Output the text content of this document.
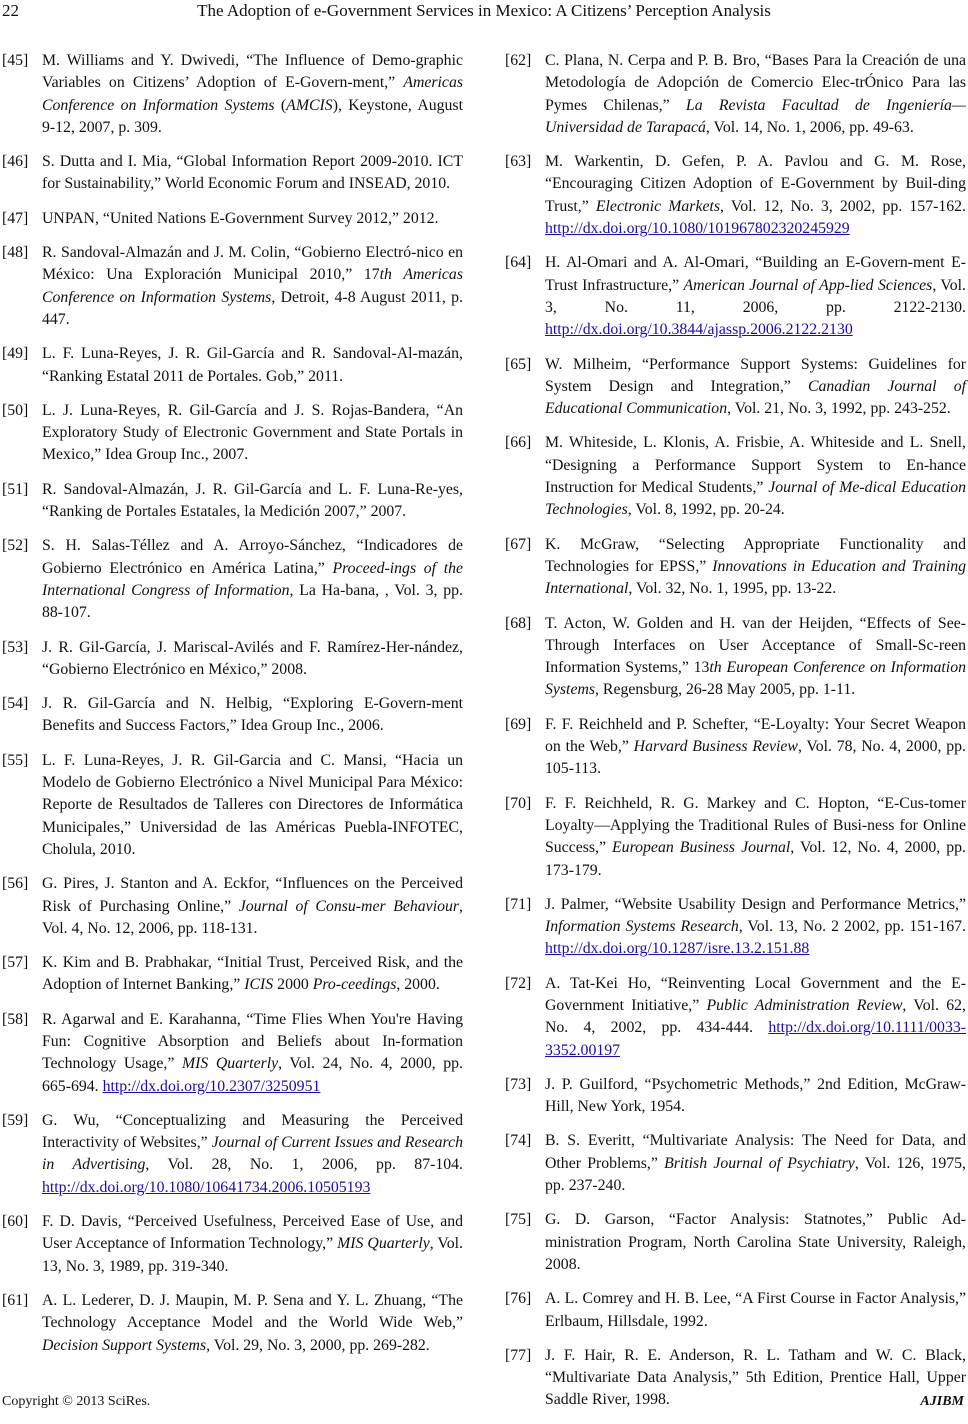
22	The Adoption of e-Government Services in Mexico: A Citizens’ Perception Analysis
[45] M. Williams and Y. Dwivedi, “The Influence of Demo-graphic Variables on Citizens’ Adoption of E-Govern-ment,” Americas Conference on Information Systems (AMCIS), Keystone, August 9-12, 2007, p. 309.
[46] S. Dutta and I. Mia, “Global Information Report 2009-2010. ICT for Sustainability,” World Economic Forum and INSEAD, 2010.
[47] UNPAN, “United Nations E-Government Survey 2012,” 2012.
[48] R. Sandoval-Almazán and J. M. Colin, “Gobierno Electró-nico en México: Una Exploración Municipal 2010,” 17th Americas Conference on Information Systems, Detroit, 4-8 August 2011, p. 447.
[49] L. F. Luna-Reyes, J. R. Gil-García and R. Sandoval-Al-mazán, “Ranking Estatal 2011 de Portales. Gob,” 2011.
[50] L. J. Luna-Reyes, R. Gil-García and J. S. Rojas-Bandera, “An Exploratory Study of Electronic Government and State Portals in Mexico,” Idea Group Inc., 2007.
[51] R. Sandoval-Almazán, J. R. Gil-García and L. F. Luna-Re-yes, “Ranking de Portales Estatales, la Medición 2007,” 2007.
[52] S. H. Salas-Téllez and A. Arroyo-Sánchez, “Indicadores de Gobierno Electrónico en América Latina,” Proceed-ings of the International Congress of Information, La Ha-bana, , Vol. 3, pp. 88-107.
[53] J. R. Gil-García, J. Mariscal-Avilés and F. Ramírez-Her-nández, “Gobierno Electrónico en México,” 2008.
[54] J. R. Gil-García and N. Helbig, “Exploring E-Govern-ment Benefits and Success Factors,” Idea Group Inc., 2006.
[55] L. F. Luna-Reyes, J. R. Gil-Garcia and C. Mansi, “Hacia un Modelo de Gobierno Electrónico a Nivel Municipal Para México: Reporte de Resultados de Talleres con Directores de Informática Municipales,” Universidad de las Américas Puebla-INFOTEC, Cholula, 2010.
[56] G. Pires, J. Stanton and A. Eckfor, “Influences on the Perceived Risk of Purchasing Online,” Journal of Consu-mer Behaviour, Vol. 4, No. 12, 2006, pp. 118-131.
[57] K. Kim and B. Prabhakar, “Initial Trust, Perceived Risk, and the Adoption of Internet Banking,” ICIS 2000 Pro-ceedings, 2000.
[58] R. Agarwal and E. Karahanna, “Time Flies When You're Having Fun: Cognitive Absorption and Beliefs about In-formation Technology Usage,” MIS Quarterly, Vol. 24, No. 4, 2000, pp. 665-694. http://dx.doi.org/10.2307/3250951
[59] G. Wu, “Conceptualizing and Measuring the Perceived Interactivity of Websites,” Journal of Current Issues and Research in Advertising, Vol. 28, No. 1, 2006, pp. 87-104. http://dx.doi.org/10.1080/10641734.2006.10505193
[60] F. D. Davis, “Perceived Usefulness, Perceived Ease of Use, and User Acceptance of Information Technology,” MIS Quarterly, Vol. 13, No. 3, 1989, pp. 319-340.
[61] A. L. Lederer, D. J. Maupin, M. P. Sena and Y. L. Zhuang, “The Technology Acceptance Model and the World Wide Web,” Decision Support Systems, Vol. 29, No. 3, 2000, pp. 269-282.
[62] C. Plana, N. Cerpa and P. B. Bro, “Bases Para la Creación de una Metodología de Adopción de Comercio Elec-trÓnico Para las Pymes Chilenas,” La Revista Facultad de Ingeniería—Universidad de Tarapacá, Vol. 14, No. 1, 2006, pp. 49-63.
[63] M. Warkentin, D. Gefen, P. A. Pavlou and G. M. Rose, “Encouraging Citizen Adoption of E-Government by Buil-ding Trust,” Electronic Markets, Vol. 12, No. 3, 2002, pp. 157-162. http://dx.doi.org/10.1080/101967802320245929
[64] H. Al-Omari and A. Al-Omari, “Building an E-Govern-ment E-Trust Infrastructure,” American Journal of App-lied Sciences, Vol. 3, No. 11, 2006, pp. 2122-2130. http://dx.doi.org/10.3844/ajassp.2006.2122.2130
[65] W. Milheim, “Performance Support Systems: Guidelines for System Design and Integration,” Canadian Journal of Educational Communication, Vol. 21, No. 3, 1992, pp. 243-252.
[66] M. Whiteside, L. Klonis, A. Frisbie, A. Whiteside and L. Snell, “Designing a Performance Support System to En-hance Instruction for Medical Students,” Journal of Me-dical Education Technologies, Vol. 8, 1992, pp. 20-24.
[67] K. McGraw, “Selecting Appropriate Functionality and Technologies for EPSS,” Innovations in Education and Training International, Vol. 32, No. 1, 1995, pp. 13-22.
[68] T. Acton, W. Golden and H. van der Heijden, “Effects of See-Through Interfaces on User Acceptance of Small-Sc-reen Information Systems,” 13th European Conference on Information Systems, Regensburg, 26-28 May 2005, pp. 1-11.
[69] F. F. Reichheld and P. Schefter, “E-Loyalty: Your Secret Weapon on the Web,” Harvard Business Review, Vol. 78, No. 4, 2000, pp. 105-113.
[70] F. F. Reichheld, R. G. Markey and C. Hopton, “E-Cus-tomer Loyalty—Applying the Traditional Rules of Busi-ness for Online Success,” European Business Journal, Vol. 12, No. 4, 2000, pp. 173-179.
[71] J. Palmer, “Website Usability Design and Performance Metrics,” Information Systems Research, Vol. 13, No. 2 2002, pp. 151-167. http://dx.doi.org/10.1287/isre.13.2.151.88
[72] A. Tat-Kei Ho, “Reinventing Local Government and the E-Government Initiative,” Public Administration Review, Vol. 62, No. 4, 2002, pp. 434-444. http://dx.doi.org/10.1111/0033-3352.00197
[73] J. P. Guilford, “Psychometric Methods,” 2nd Edition, McGraw-Hill, New York, 1954.
[74] B. S. Everitt, “Multivariate Analysis: The Need for Data, and Other Problems,” British Journal of Psychiatry, Vol. 126, 1975, pp. 237-240.
[75] G. D. Garson, “Factor Analysis: Statnotes,” Public Ad-ministration Program, North Carolina State University, Raleigh, 2008.
[76] A. L. Comrey and H. B. Lee, “A First Course in Factor Analysis,” Erlbaum, Hillsdale, 1992.
[77] J. F. Hair, R. E. Anderson, R. L. Tatham and W. C. Black, “Multivariate Data Analysis,” 5th Edition, Prentice Hall, Upper Saddle River, 1998.
Copyright © 2013 SciRes.	AJIBM
